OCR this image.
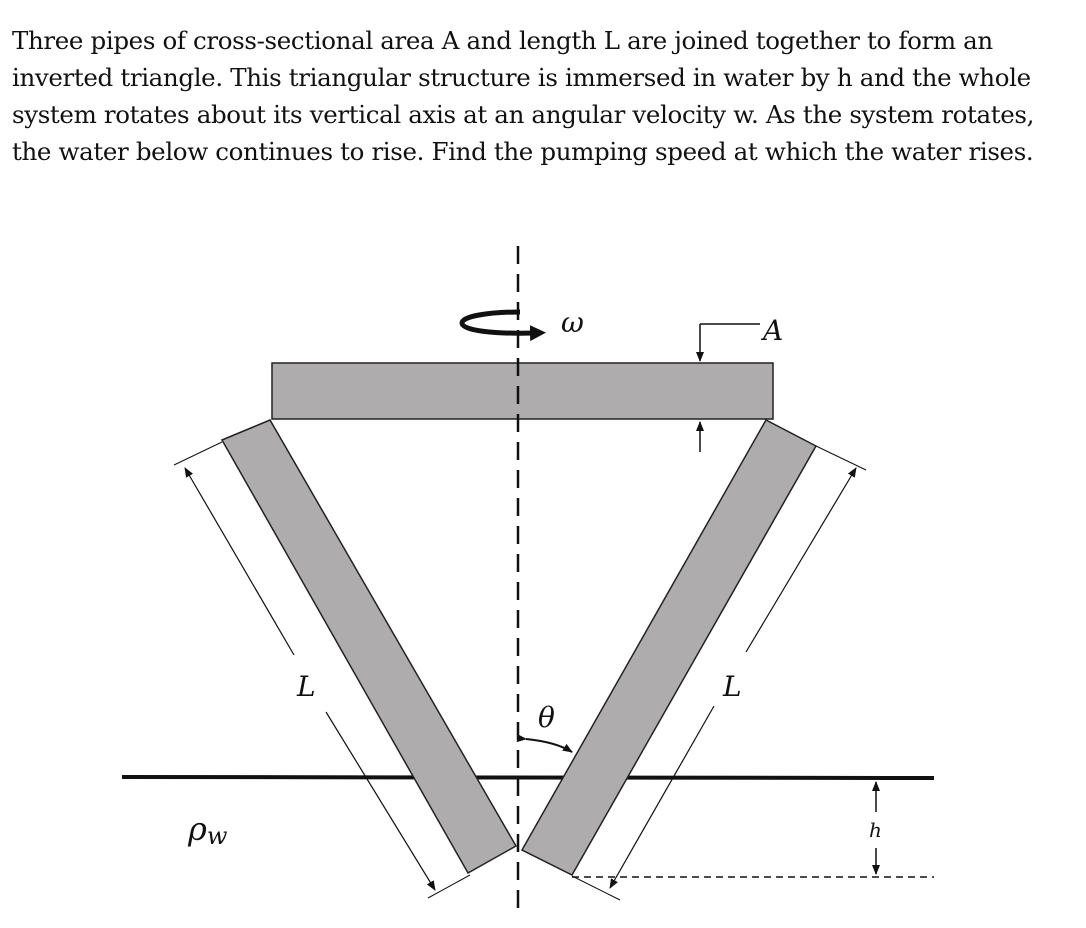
Three pipes of cross-sectional area A and length L are joined together to form an
inverted triangle. This triangular structure is immersed in water by h and the whole
system rotates about its vertical axis at an angular velocity w. As the system rotates,
the water below continues to rise. Find the pumping speed at which the water rises.
ω	A
L	L
θ
h
ρw
